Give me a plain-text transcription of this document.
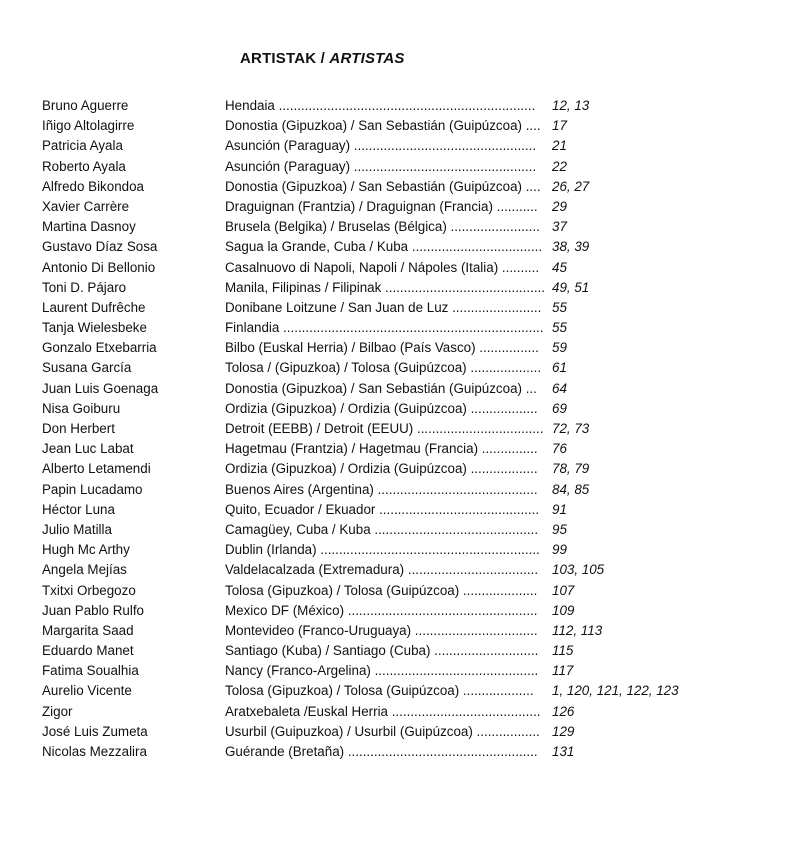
ARTISTAK / ARTISTAS
Bruno Aguerre	Hendaia ..................................................................... 12, 13
Iñigo Altolagirre	Donostia (Gipuzkoa) / San Sebastián (Guipúzcoa) .... 17
Patricia Ayala	Asunción (Paraguay) ................................................. 21
Roberto Ayala	Asunción (Paraguay) ................................................. 22
Alfredo Bikondoa	Donostia (Gipuzkoa) / San Sebastián (Guipúzcoa) .... 26, 27
Xavier Carrère	Draguignan (Frantzia) / Draguignan (Francia) ........... 29
Martina Dasnoy	Brusela (Belgika) / Bruselas (Bélgica) ........................ 37
Gustavo Díaz Sosa	Sagua la Grande, Cuba / Kuba ................................... 38, 39
Antonio Di Bellonio	Casalnuovo di Napoli, Napoli / Nápoles (Italia) .......... 45
Toni D. Pájaro	Manila, Filipinas / Filipinak ........................................... 49, 51
Laurent Dufrêche	Donibane Loitzune / San Juan de Luz ........................ 55
Tanja Wielesbeke	Finlandia ...................................................................... 55
Gonzalo Etxebarria	Bilbo (Euskal Herria) / Bilbao (País Vasco) ................ 59
Susana García	Tolosa / (Gipuzkoa) / Tolosa (Guipúzcoa) ................... 61
Juan Luis Goenaga	Donostia (Gipuzkoa) / San Sebastián (Guipúzcoa) ... 64
Nisa Goiburu	Ordizia (Gipuzkoa) / Ordizia (Guipúzcoa) .................. 69
Don Herbert	Detroit (EEBB) / Detroit (EEUU) .................................. 72, 73
Jean Luc Labat	Hagetmau (Frantzia) / Hagetmau (Francia) ............... 76
Alberto Letamendi	Ordizia (Gipuzkoa) / Ordizia (Guipúzcoa) .................. 78, 79
Papin Lucadamo	Buenos Aires (Argentina) ........................................... 84, 85
Héctor Luna	Quito, Ecuador / Ekuador ........................................... 91
Julio Matilla	Camagüey, Cuba / Kuba ............................................ 95
Hugh Mc Arthy	Dublin (Irlanda) ........................................................... 99
Angela Mejías	Valdelacalzada (Extremadura) ................................... 103, 105
Txitxi Orbegozo	Tolosa (Gipuzkoa) / Tolosa (Guipúzcoa) .................... 107
Juan Pablo Rulfo	Mexico DF (México) ................................................... 109
Margarita Saad	Montevideo (Franco-Uruguaya) ................................. 112, 113
Eduardo Manet	Santiago (Kuba) / Santiago (Cuba) ............................ 115
Fatima Soualhia	Nancy (Franco-Argelina) ............................................ 117
Aurelio Vicente	Tolosa (Gipuzkoa) / Tolosa (Guipúzcoa) ................... 1, 120, 121, 122, 123
Zigor	Aratxebaleta /Euskal Herria ........................................ 126
José Luis Zumeta	Usurbil (Guipuzkoa) / Usurbil (Guipúzcoa) ................. 129
Nicolas Mezzalira	Guérande (Bretaña) ................................................... 131
